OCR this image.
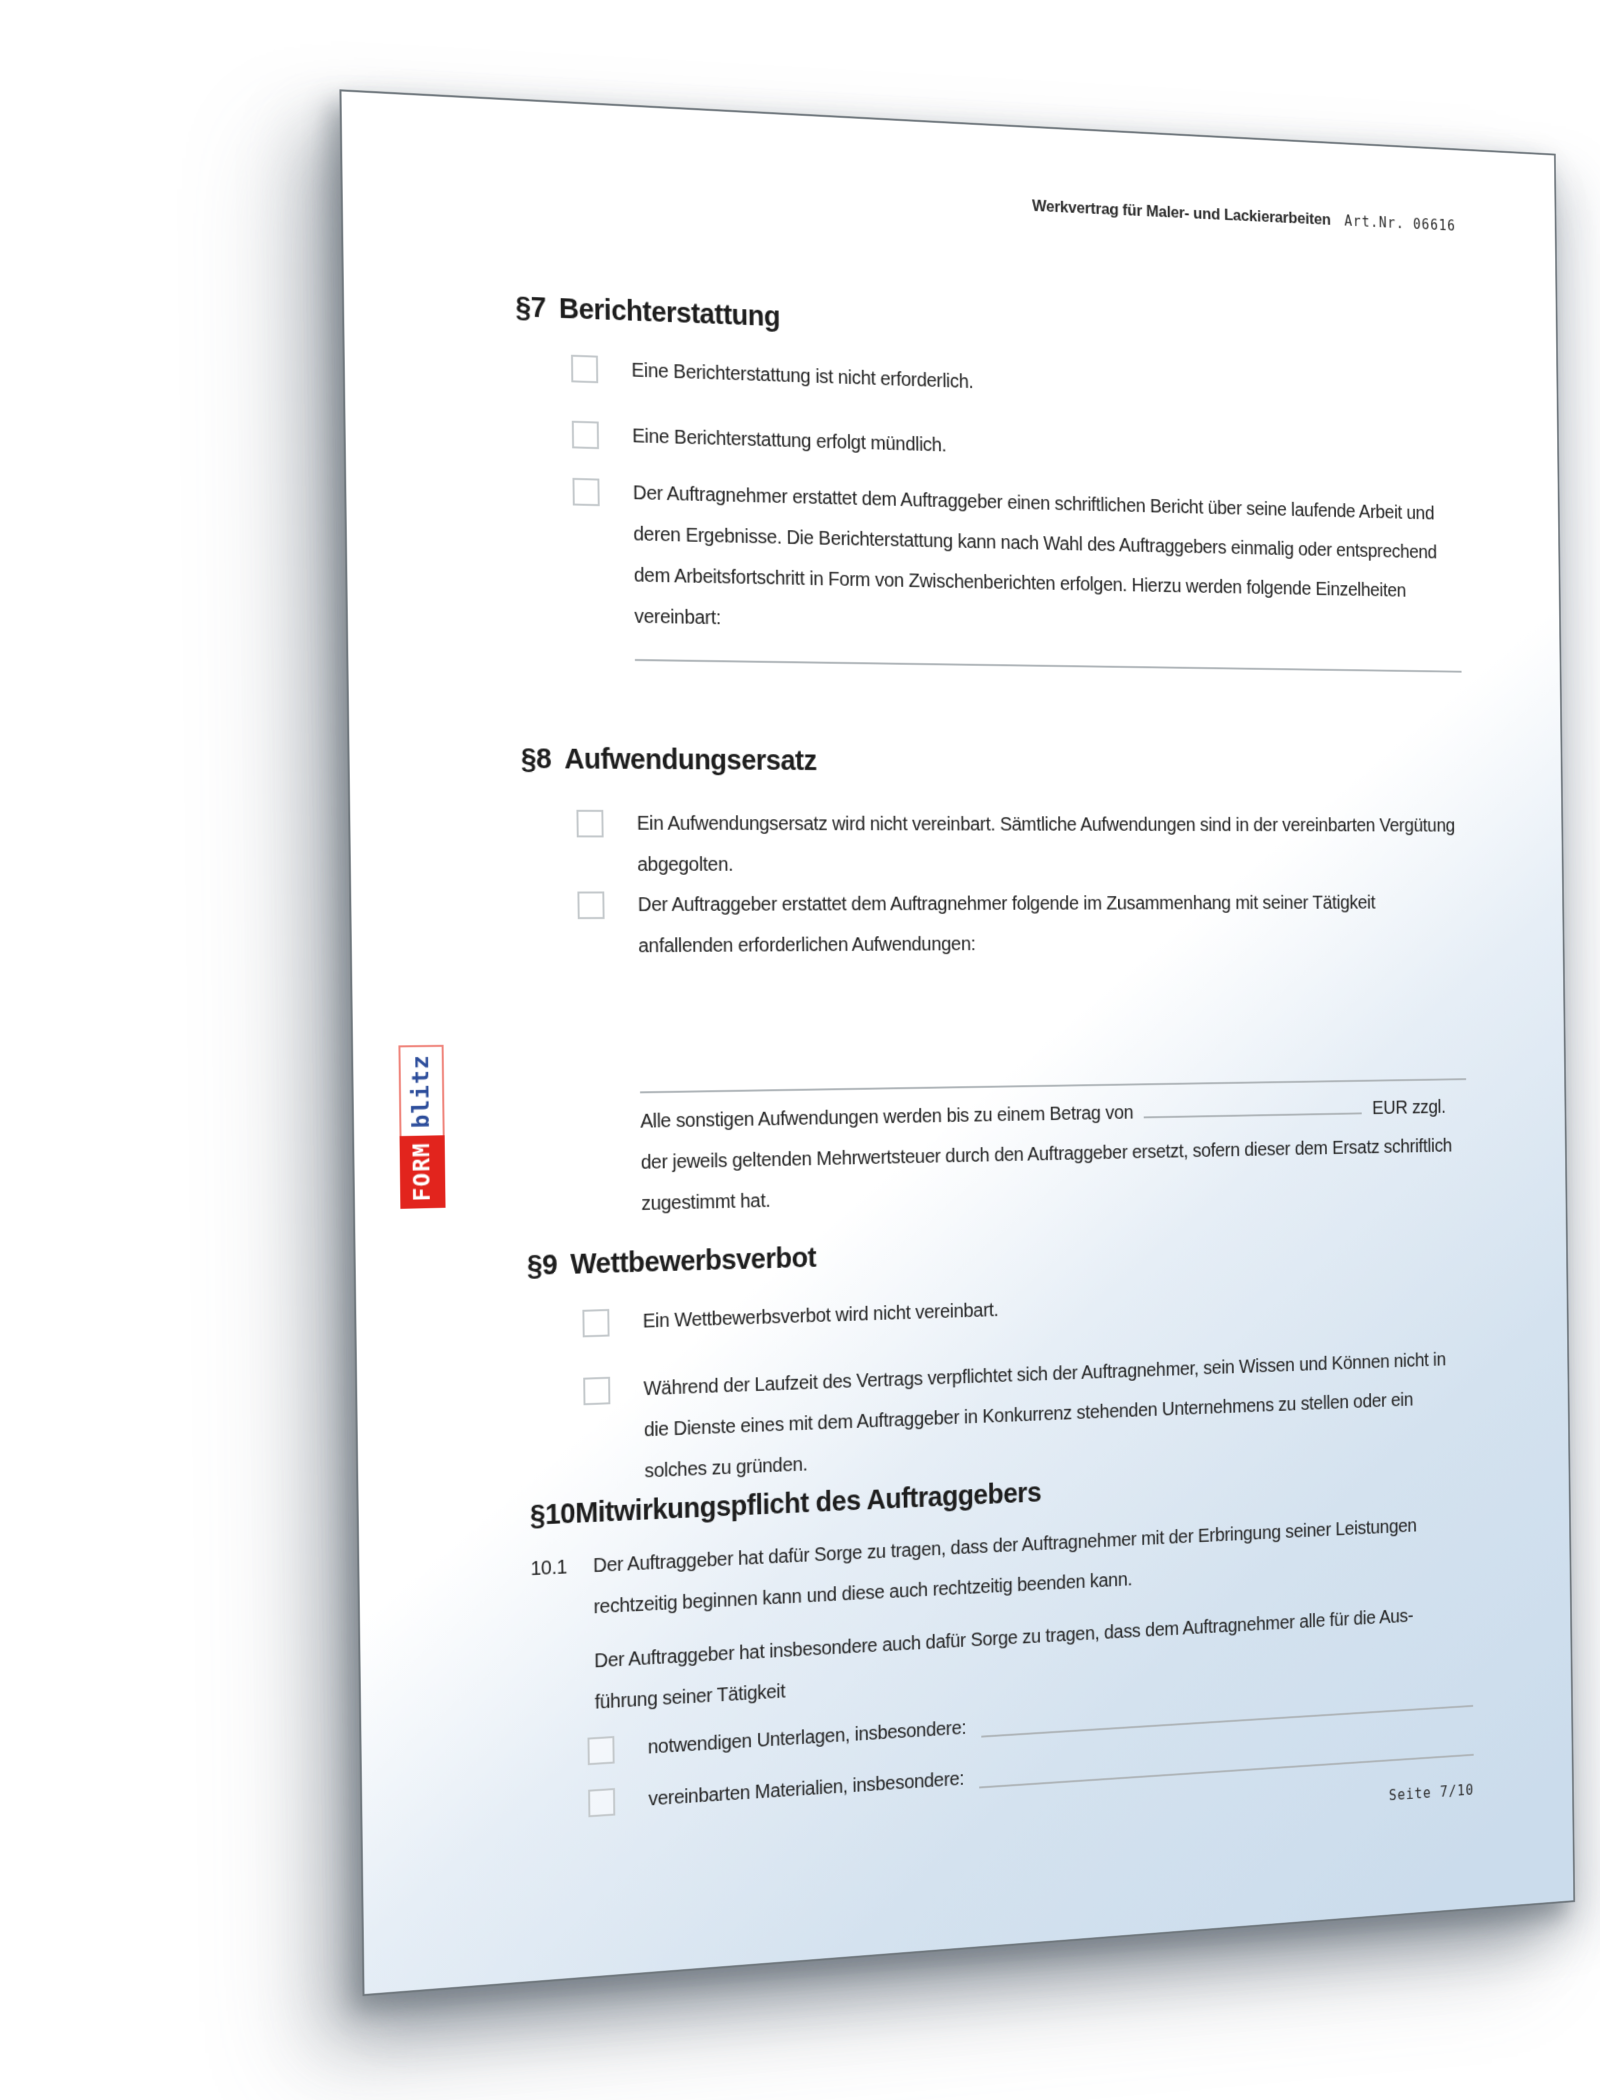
Werkvertrag für Maler- und Lackierarbeiten Art.Nr. 06616
§7 Berichterstattung
Eine Berichterstattung ist nicht erforderlich.
Eine Berichterstattung erfolgt mündlich.
Der Auftragnehmer erstattet dem Auftraggeber einen schriftlichen Bericht über seine laufende Arbeit und deren Ergebnisse. Die Berichterstattung kann nach Wahl des Auftraggebers einmalig oder entsprechend dem Arbeitsfortschritt in Form von Zwischenberichten erfolgen. Hierzu werden folgende Einzelheiten vereinbart:
§8 Aufwendungsersatz
Ein Aufwendungsersatz wird nicht vereinbart. Sämtliche Aufwendungen sind in der vereinbarten Vergütung abgegolten.
Der Auftraggeber erstattet dem Auftragnehmer folgende im Zusammenhang mit seiner Tätigkeit anfallenden erforderlichen Aufwendungen:
Alle sonstigen Aufwendungen werden bis zu einem Betrag von	EUR zzgl.
der jeweils geltenden Mehrwertsteuer durch den Auftraggeber ersetzt, sofern dieser dem Ersatz schriftlich zugestimmt hat.
§9 Wettbewerbsverbot
Ein Wettbewerbsverbot wird nicht vereinbart.
Während der Laufzeit des Vertrags verpflichtet sich der Auftragnehmer, sein Wissen und Können nicht in die Dienste eines mit dem Auftraggeber in Konkurrenz stehenden Unternehmens zu stellen oder ein solches zu gründen.
§10Mitwirkungspflicht des Auftraggebers
10.1 Der Auftraggeber hat dafür Sorge zu tragen, dass der Auftragnehmer mit der Erbringung seiner Leistungen rechtzeitig beginnen kann und diese auch rechtzeitig beenden kann.
Der Auftraggeber hat insbesondere auch dafür Sorge zu tragen, dass dem Auftragnehmer alle für die Aus-
führung seiner Tätigkeit
notwendigen Unterlagen, insbesondere:
vereinbarten Materialien, insbesondere:	Seite 7/10
FORM
blitz
